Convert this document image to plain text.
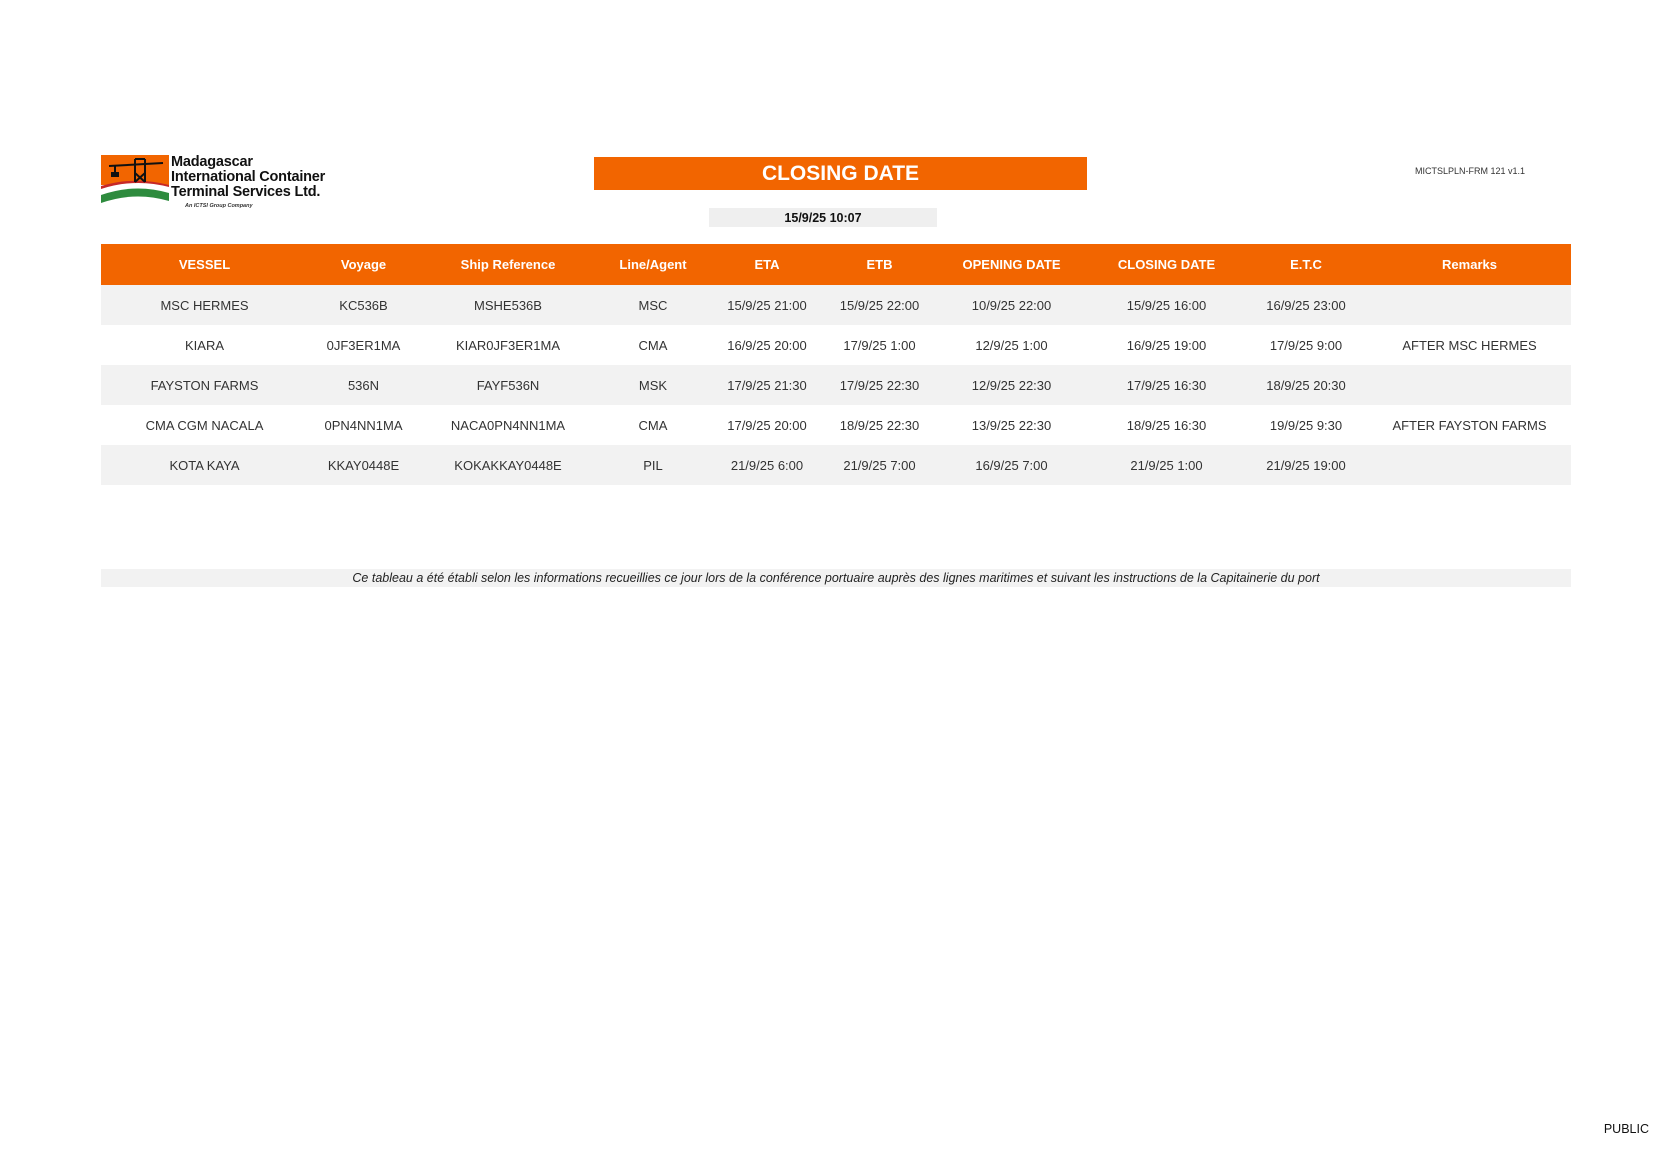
Madagascar
International Container
Terminal Services Ltd.
An ICTSI Group Company
CLOSING DATE
15/9/25 10:07
MICTSLPLN-FRM 121 v1.1
VESSEL	Voyage	Ship Reference	Line/Agent	ETA	ETB	OPENING DATE	CLOSING DATE	E.T.C	Remarks
MSC HERMES	KC536B	MSHE536B	MSC	15/9/25 21:00	15/9/25 22:00	10/9/25 22:00	15/9/25 16:00	16/9/25 23:00	
KIARA	0JF3ER1MA	KIAR0JF3ER1MA	CMA	16/9/25 20:00	17/9/25 1:00	12/9/25 1:00	16/9/25 19:00	17/9/25 9:00	AFTER MSC HERMES
FAYSTON FARMS	536N	FAYF536N	MSK	17/9/25 21:30	17/9/25 22:30	12/9/25 22:30	17/9/25 16:30	18/9/25 20:30	
CMA CGM NACALA	0PN4NN1MA	NACA0PN4NN1MA	CMA	17/9/25 20:00	18/9/25 22:30	13/9/25 22:30	18/9/25 16:30	19/9/25 9:30	AFTER FAYSTON FARMS
KOTA KAYA	KKAY0448E	KOKAKKAY0448E	PIL	21/9/25 6:00	21/9/25 7:00	16/9/25 7:00	21/9/25 1:00	21/9/25 19:00	
Ce tableau a été établi selon les informations recueillies ce jour lors de la conférence portuaire auprès des lignes maritimes et suivant les instructions de la Capitainerie du port
PUBLIC
